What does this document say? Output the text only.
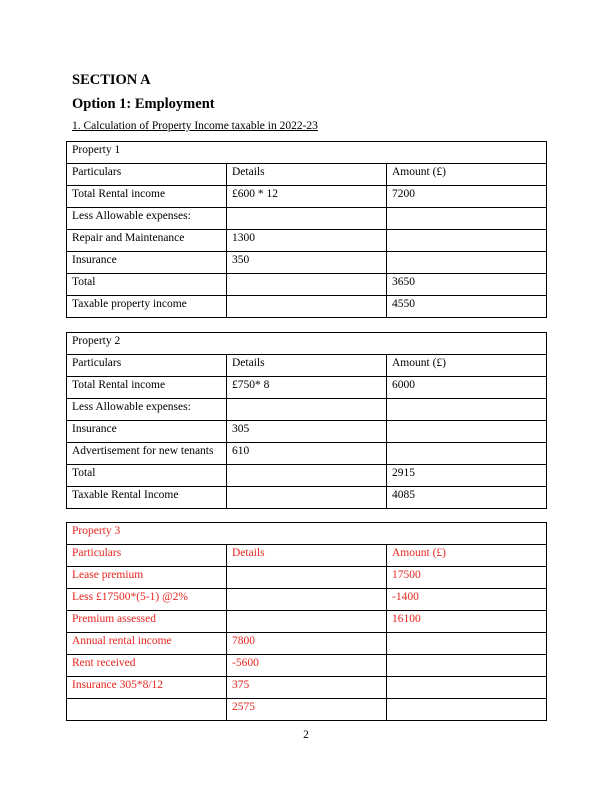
SECTION A
Option 1: Employment
1. Calculation of Property Income taxable in 2022-23
Property 1		
Particulars	Details	Amount (£)
Total Rental income	£600 * 12	7200
Less Allowable expenses:		
Repair and Maintenance	1300	
Insurance	350	
Total		3650
Taxable property income		4550
Property 2		
Particulars	Details	Amount (£)
Total Rental income	£750* 8	6000
Less Allowable expenses:		
Insurance	305	
Advertisement for new tenants	610	
Total		2915
Taxable Rental Income		4085
Property 3		
Particulars	Details	Amount (£)
Lease premium		17500
Less £17500*(5-1) @2%		-1400
Premium assessed		16100
Annual rental income	7800	
Rent received	-5600	
Insurance 305*8/12	375	
	2575	
2
